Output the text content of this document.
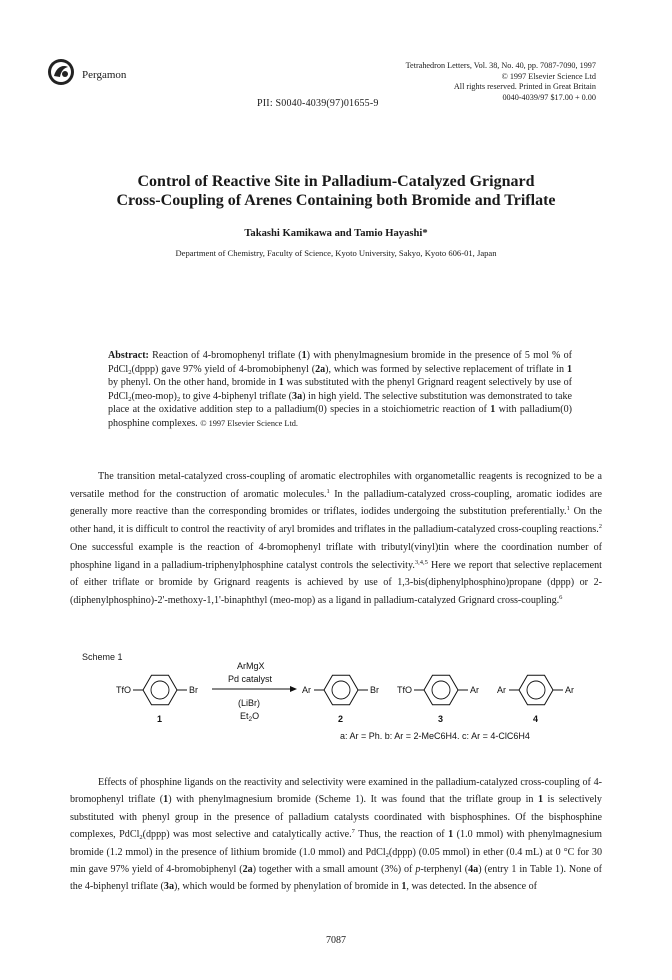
Pergamon
Tetrahedron Letters, Vol. 38, No. 40, pp. 7087-7090, 1997
© 1997 Elsevier Science Ltd
All rights reserved. Printed in Great Britain
0040-4039/97 $17.00 + 0.00
PII: S0040-4039(97)01655-9
Control of Reactive Site in Palladium-Catalyzed Grignard
Cross-Coupling of Arenes Containing both Bromide and Triflate
Takashi Kamikawa and Tamio Hayashi*
Department of Chemistry, Faculty of Science, Kyoto University, Sakyo, Kyoto 606-01, Japan
Abstract: Reaction of 4-bromophenyl triflate (1) with phenylmagnesium bromide in the presence of 5 mol % of PdCl$_2$(dppp) gave 97% yield of 4-bromobiphenyl (2a), which was formed by selective replacement of triflate in 1 by phenyl. On the other hand, bromide in 1 was substituted with the phenyl Grignard reagent selectively by use of $PdCl_2(meo-mop)_2$ to give 4-biphenyl triflate (3a) in high yield. The selective substitution was demonstrated to take place at the oxidative addition step to a palladium(0) species in a stoichiometric reaction of 1 with palladium(0) phosphine complexes. © 1997 Elsevier Science Ltd.
The transition metal-catalyzed cross-coupling of aromatic electrophiles with organometallic reagents is recognized to be a versatile method for the construction of aromatic molecules.$^1$ In the palladium-catalyzed cross-coupling, aromatic iodides are generally more reactive than the corresponding bromides or triflates, iodides undergoing the substitution preferentially.$^1$ On the other hand, it is difficult to control the reactivity of aryl bromides and triflates in the palladium-catalyzed cross-coupling reactions.$^2$ One successful example is the reaction of 4-bromophenyl triflate with tributyl(vinyl)tin where the coordination number of phosphine ligand in a palladium-triphenylphosphine catalyst controls the selectivity.$^{3,4,5}$ Here we report that selective replacement of either triflate or bromide by Grignard reagents is achieved by use of 1,3-bis(diphenylphosphino)propane (dppp) or 2-(diphenylphosphino)-2'-methoxy-1,1'-binaphthyl (meo-mop) as a ligand in palladium-catalyzed Grignard cross-coupling.$^6$
Scheme 1
TfO	Br
1
ArMgX
Pd catalyst
(LiBr)
$Et_2O$
Ar	Br
2
TfO	Ar
3
Ar	Ar
4
a: Ar = Ph. b: Ar = 2-MeC6H4. c: Ar = 4-ClC6H4
Effects of phosphine ligands on the reactivity and selectivity were examined in the palladium-catalyzed cross-coupling of 4-bromophenyl triflate (1) with phenylmagnesium bromide (Scheme 1). It was found that the triflate group in 1 is selectively substituted with phenyl group in the presence of palladium catalysts coordinated with bisphosphines. Of the bisphosphine complexes, PdCl$_2$(dppp) was most selective and catalytically active.$^7$ Thus, the reaction of 1 (1.0 mmol) with phenylmagnesium bromide (1.2 mmol) in the presence of lithium bromide (1.0 mmol) and PdCl$_2$(dppp) (0.05 mmol) in ether (0.4 mL) at 0 °C for 30 min gave 97% yield of 4-bromobiphenyl (2a) together with a small amount (3%) of p-terphenyl (4a) (entry 1 in Table 1). None of the 4-biphenyl triflate (3a), which would be formed by phenylation of bromide in 1, was detected. In the absence of
7087
